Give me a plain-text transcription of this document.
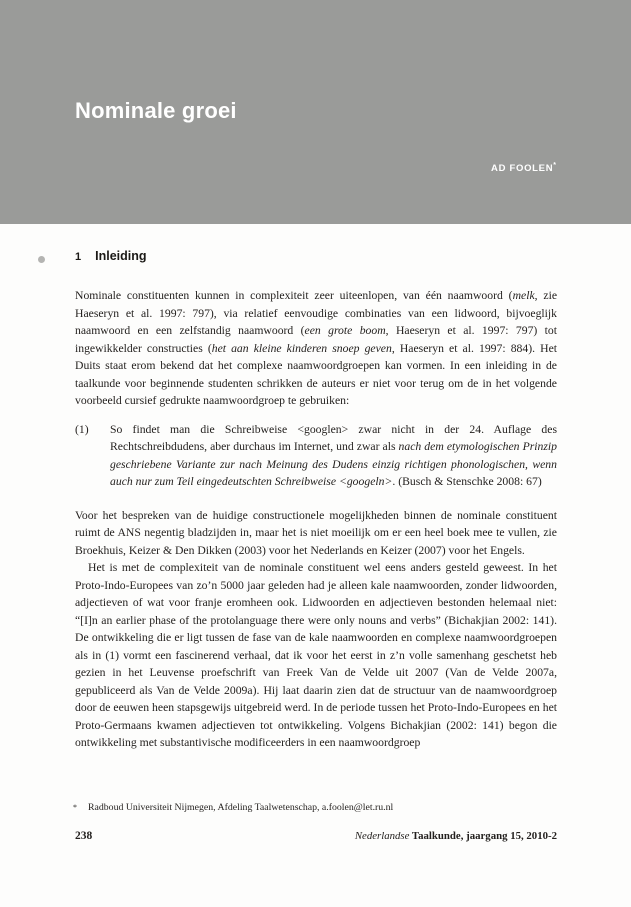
Nominale groei
AD FOOLEN*
1 Inleiding

Nominale constituenten kunnen in complexiteit zeer uiteenlopen, van één naamwoord (melk, zie Haeseryn et al. 1997: 797), via relatief eenvoudige combinaties van een lidwoord, bijvoeglijk naamwoord en een zelfstandig naamwoord (een grote boom, Haeseryn et al. 1997: 797) tot ingewikkelder constructies (het aan kleine kinderen snoep geven, Haeseryn et al. 1997: 884). Het Duits staat erom bekend dat het complexe naamwoordgroepen kan vormen. In een inleiding in de taalkunde voor beginnende studenten schrikken de auteurs er niet voor terug om de in het volgende voorbeeld cursief gedrukte naamwoordgroep te gebruiken:

(1)	So findet man die Schreibweise <googlen> zwar nicht in der 24. Auflage des Rechtschreibdudens, aber durchaus im Internet, und zwar als nach dem etymologischen Prinzip geschriebene Variante zur nach Meinung des Dudens einzig richtigen phonologischen, wenn auch nur zum Teil eingedeutschten Schreibweise <googeln>. (Busch & Stenschke 2008: 67)

Voor het bespreken van de huidige constructionele mogelijkheden binnen de nominale constituent ruimt de ANS negentig bladzijden in, maar het is niet moeilijk om er een heel boek mee te vullen, zie Broekhuis, Keizer & Den Dikken (2003) voor het Nederlands en Keizer (2007) voor het Engels.

Het is met de complexiteit van de nominale constituent wel eens anders gesteld geweest. In het Proto-Indo-Europees van zo’n 5000 jaar geleden had je alleen kale naamwoorden, zonder lidwoorden, adjectieven of wat voor franje eromheen ook. Lidwoorden en adjectieven bestonden helemaal niet: “[I]n an earlier phase of the protolanguage there were only nouns and verbs” (Bichakjian 2002: 141). De ontwikkeling die er ligt tussen de fase van de kale naamwoorden en complexe naamwoordgroepen als in (1) vormt een fascinerend verhaal, dat ik voor het eerst in z’n volle samenhang geschetst heb gezien in het Leuvense proefschrift van Freek Van de Velde uit 2007 (Van de Velde 2007a, gepubliceerd als Van de Velde 2009a). Hij laat daarin zien dat de structuur van de naamwoordgroep door de eeuwen heen stapsgewijs uitgebreid werd. In de periode tussen het Proto-Indo-Europees en het Proto-Germaans kwamen adjectieven tot ontwikkeling. Volgens Bichakjian (2002: 141) begon die ontwikkeling met substantivische modificeerders in een naamwoordgroep

*	Radboud Universiteit Nijmegen, Afdeling Taalwetenschap, a.foolen@let.ru.nl
238	Nederlandse Taalkunde, jaargang 15, 2010-2
